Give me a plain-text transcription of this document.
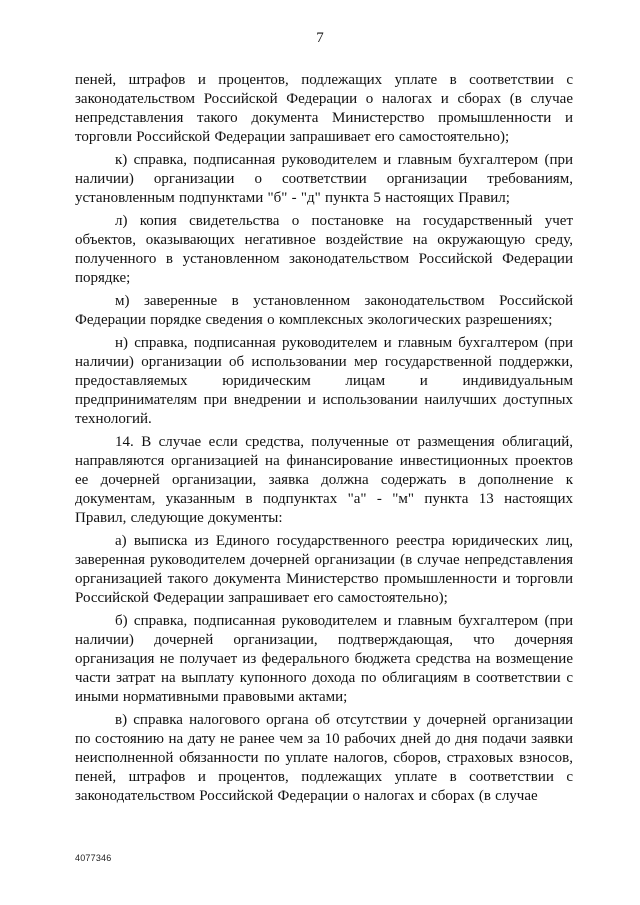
7

пеней, штрафов и процентов, подлежащих уплате в соответствии с законодательством Российской Федерации о налогах и сборах (в случае непредставления такого документа Министерство промышленности и торговли Российской Федерации запрашивает его самостоятельно);

к) справка, подписанная руководителем и главным бухгалтером (при наличии) организации о соответствии организации требованиям, установленным подпунктами "б" - "д" пункта 5 настоящих Правил;

л) копия свидетельства о постановке на государственный учет объектов, оказывающих негативное воздействие на окружающую среду, полученного в установленном законодательством Российской Федерации порядке;

м) заверенные в установленном законодательством Российской Федерации порядке сведения о комплексных экологических разрешениях;

н) справка, подписанная руководителем и главным бухгалтером (при наличии) организации об использовании мер государственной поддержки, предоставляемых юридическим лицам и индивидуальным предпринимателям при внедрении и использовании наилучших доступных технологий.

14. В случае если средства, полученные от размещения облигаций, направляются организацией на финансирование инвестиционных проектов ее дочерней организации, заявка должна содержать в дополнение к документам, указанным в подпунктах "а" - "м" пункта 13 настоящих Правил, следующие документы:

а) выписка из Единого государственного реестра юридических лиц, заверенная руководителем дочерней организации (в случае непредставления организацией такого документа Министерство промышленности и торговли Российской Федерации запрашивает его самостоятельно);

б) справка, подписанная руководителем и главным бухгалтером (при наличии) дочерней организации, подтверждающая, что дочерняя организация не получает из федерального бюджета средства на возмещение части затрат на выплату купонного дохода по облигациям в соответствии с иными нормативными правовыми актами;

в) справка налогового органа об отсутствии у дочерней организации по состоянию на дату не ранее чем за 10 рабочих дней до дня подачи заявки неисполненной обязанности по уплате налогов, сборов, страховых взносов, пеней, штрафов и процентов, подлежащих уплате в соответствии с законодательством Российской Федерации о налогах и сборах (в случае

4077346
